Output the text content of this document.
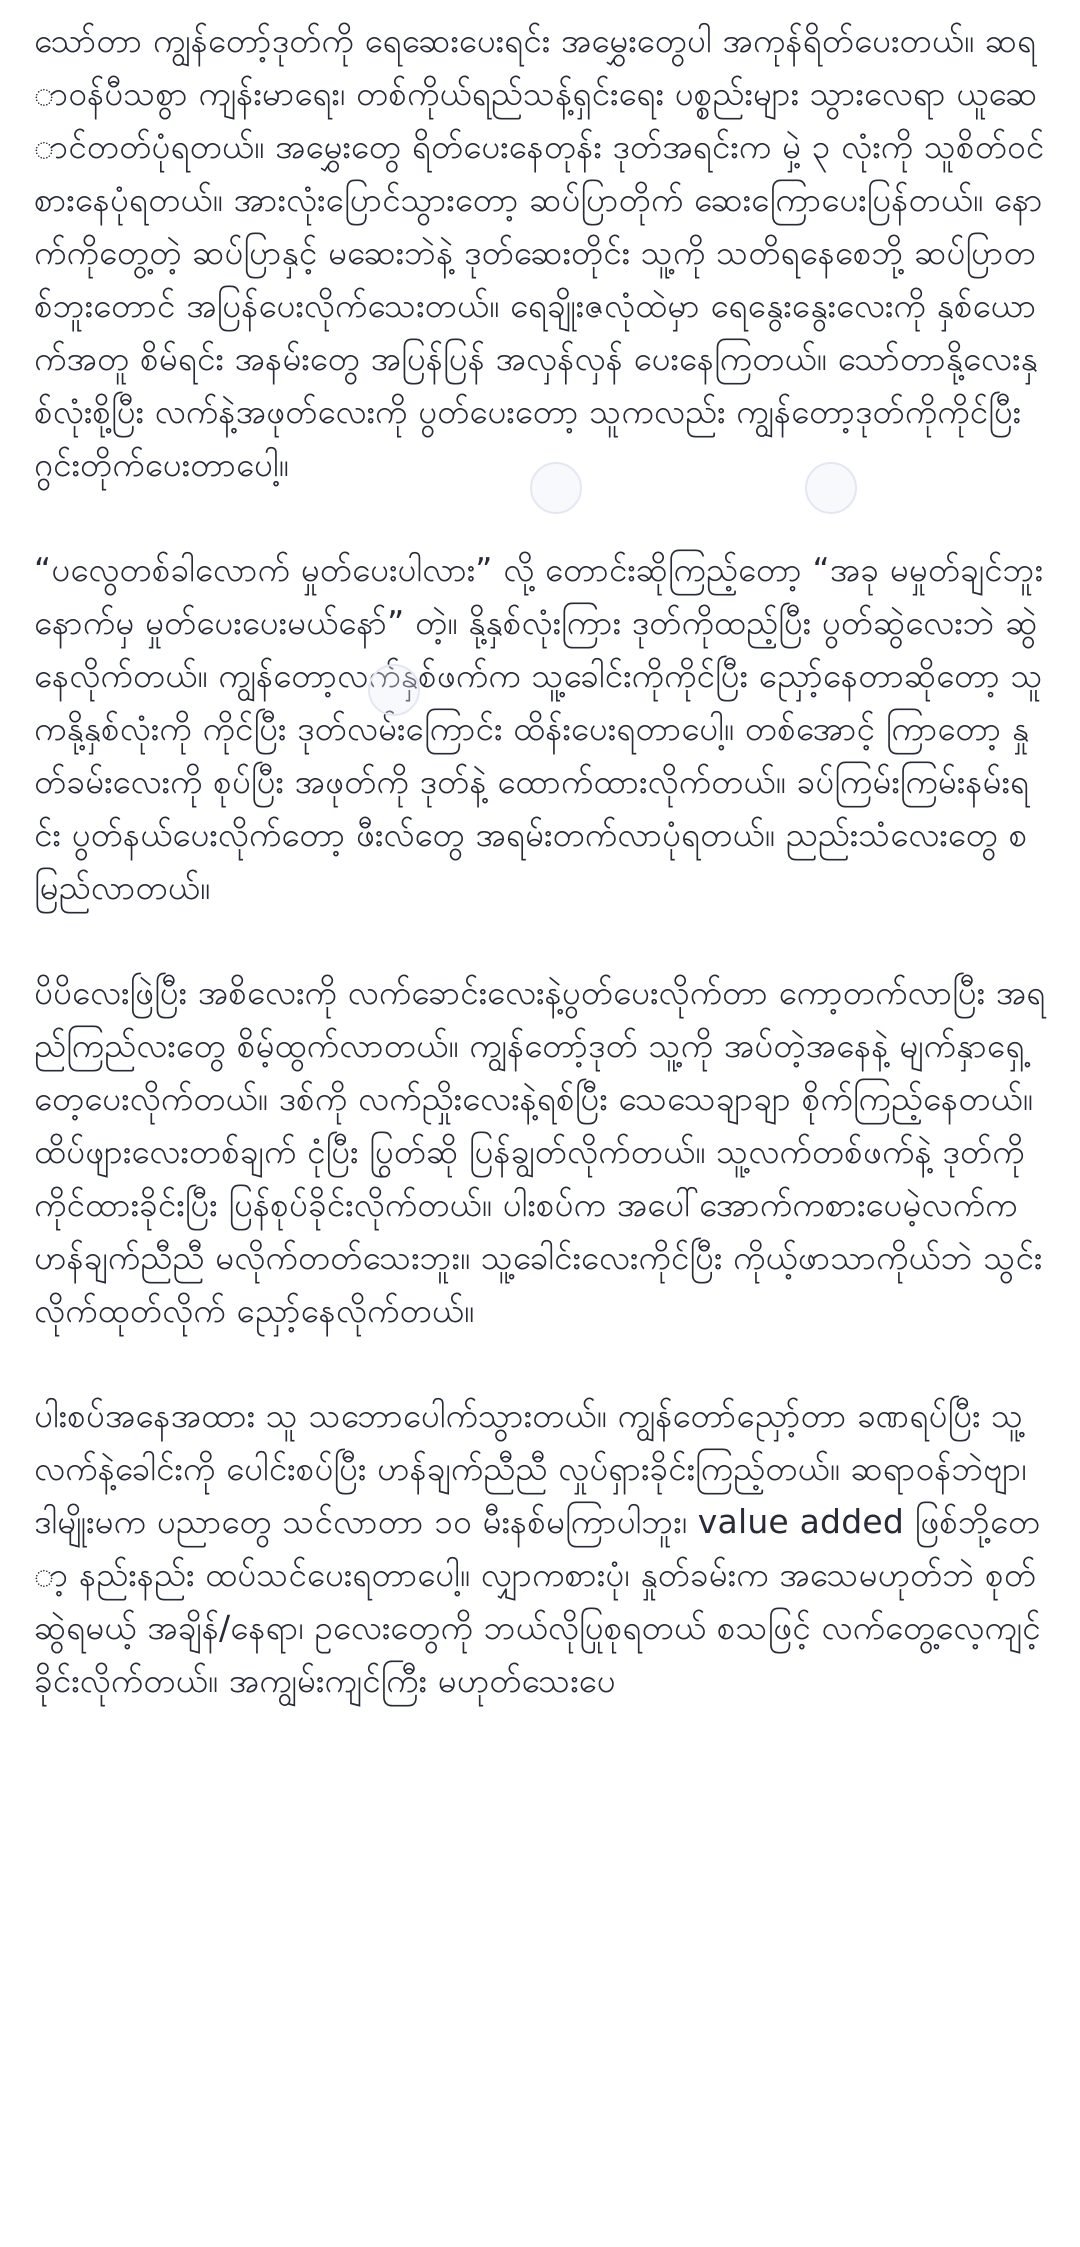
သော်တာ ကျွန်တော့်ဒုတ်ကို ရေဆေးပေးရင်း အမွှေးတွေပါ အကုန်ရိတ်ပေးတယ်။ ဆရာဝန်ပီသစွာ ကျန်းမာရေး၊ တစ်ကိုယ်ရည်သန့်ရှင်းရေး ပစ္စည်းများ သွားလေရာ ယူဆောင်တတ်ပုံရတယ်။ အမွှေးတွေ ရိတ်ပေးနေတုန်း ဒုတ်အရင်းက မှဲ့ ၃ လုံးကို သူစိတ်ဝင်စားနေပုံရတယ်။ အားလုံးပြောင်သွားတော့ ဆပ်ပြာတိုက် ဆေးကြောပေးပြန်တယ်။ နောက်ကိုတွေ့တဲ့ ဆပ်ပြာနှင့် မဆေးဘဲနဲ့ ဒုတ်ဆေးတိုင်း သူ့ကို သတိရနေစေဘို့ ဆပ်ပြာတစ်ဘူးတောင် အပြန်ပေးလိုက်သေးတယ်။ ရေချိုးဇလုံထဲမှာ ရေနွေးနွေးလေးကို နှစ်ယောက်အတူ စိမ်ရင်း အနမ်းတွေ အပြန်ပြန် အလှန်လှန် ပေးနေကြတယ်။ သော်တာနို့လေးနှစ်လုံးစို့ပြီး လက်နဲ့အဖုတ်လေးကို ပွတ်ပေးတော့ သူကလည်း ကျွန်တော့ဒုတ်ကိုကိုင်ပြီး ဂွင်းတိုက်ပေးတာပေါ့။

“ပလွေတစ်ခါလောက် မှုတ်ပေးပါလား” လို့ တောင်းဆိုကြည့်တော့ “အခု မမှုတ်ချင်ဘူး နောက်မှ မှုတ်ပေးပေးမယ်နော်” တဲ့။ နို့နှစ်လုံးကြား ဒုတ်ကိုထည့်ပြီး ပွတ်ဆွဲလေးဘဲ ဆွဲနေလိုက်တယ်။ ကျွန်တော့လက်နှစ်ဖက်က သူ့ခေါင်းကိုကိုင်ပြီး ညှော့်နေတာဆိုတော့ သူကနို့နှစ်လုံးကို ကိုင်ပြီး ဒုတ်လမ်းကြောင်း ထိန်းပေးရတာပေါ့။ တစ်အောင့် ကြာတော့ နှုတ်ခမ်းလေးကို စုပ်ပြီး အဖုတ်ကို ဒုတ်နဲ့ ထောက်ထားလိုက်တယ်။ ခပ်ကြမ်းကြမ်းနမ်းရင်း ပွတ်နယ်ပေးလိုက်တော့ ဖီးလ်တွေ အရမ်းတက်လာပုံရတယ်။ ညည်းသံလေးတွေ စမြည်လာတယ်။

ပိပိလေးဖြဲပြီး အစိလေးကို လက်ခောင်းလေးနဲ့ပွတ်ပေးလိုက်တာ ကော့တက်လာပြီး အရည်ကြည်လးတွေ စိမ့်ထွက်လာတယ်။ ကျွန်တော့်ဒုတ် သူ့ကို အပ်တဲ့အနေနဲ့ မျက်နှာရှေ့ တေ့ပေးလိုက်တယ်။ ဒစ်ကို လက်ညှိုးလေးနဲ့ရစ်ပြီး သေသေချာချာ စိုက်ကြည့်နေတယ်။ ထိပ်ဖျားလေးတစ်ချက် ငုံပြီး ပြွတ်ဆို ပြန်ချွတ်လိုက်တယ်။ သူ့လက်တစ်ဖက်နဲ့ ဒုတ်ကို ကိုင်ထားခိုင်းပြီး ပြန်စုပ်ခိုင်းလိုက်တယ်။ ပါးစပ်က အပေါ်အောက်ကစားပေမဲ့လက်က ဟန်ချက်ညီညီ မလိုက်တတ်သေးဘူး။ သူ့ခေါင်းလေးကိုင်ပြီး ကိုယ့်ဖာသာကိုယ်ဘဲ သွင်းလိုက်ထုတ်လိုက် ညှော့်နေလိုက်တယ်။

ပါးစပ်အနေအထား သူ သဘောပေါက်သွားတယ်။ ကျွန်တော်ညှော့်တာ ခဏရပ်ပြီး သူ့လက်နဲ့ခေါင်းကို ပေါင်းစပ်ပြီး ဟန်ချက်ညီညီ လှုပ်ရှားခိုင်းကြည့်တယ်။ ဆရာဝန်ဘဲဗျာ၊ ဒါမျိုးမက ပညာတွေ သင်လာတာ ၁၀ မီးနစ်မကြာပါဘူး၊ value added ဖြစ်ဘို့တော့ နည်းနည်း ထပ်သင်ပေးရတာပေါ့။ လျှာကစားပုံ၊ နှုတ်ခမ်းက အသေမဟုတ်ဘဲ စုတ်ဆွဲရမယ့် အချိန်/နေရာ၊ ဥလေးတွေကို ဘယ်လိုပြုစုရတယ် စသဖြင့် လက်တွေ့လေ့ကျင့်ခိုင်းလိုက်တယ်။ အကျွမ်းကျင်ကြီး မဟုတ်သေးပေ
